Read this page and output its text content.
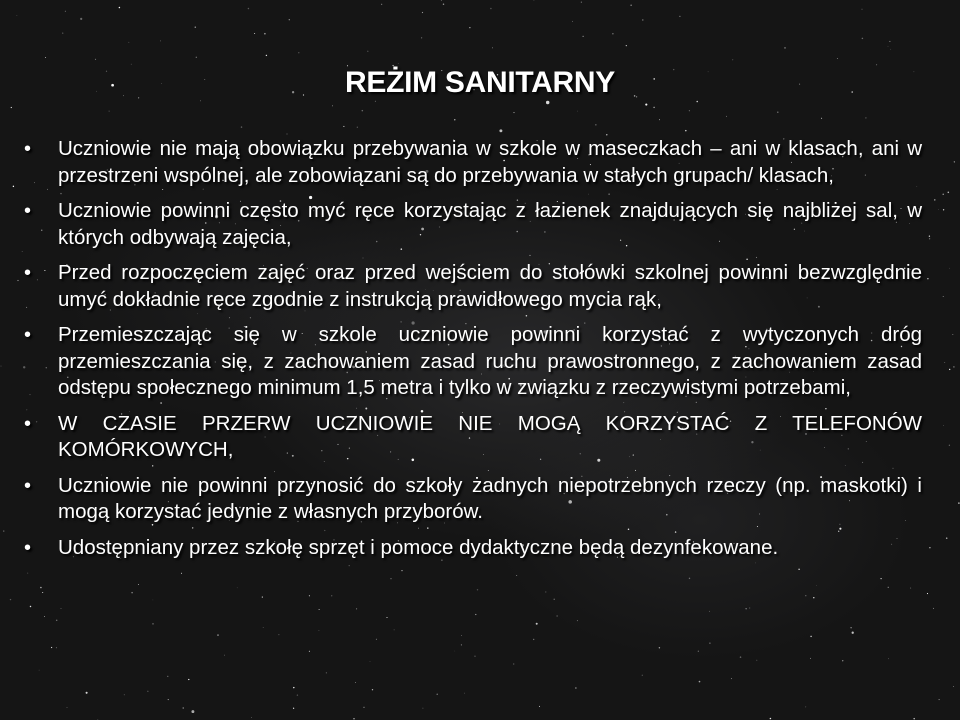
REŻIM SANITARNY
•	Uczniowie nie mają obowiązku przebywania w szkole w maseczkach – ani w klasach, ani w przestrzeni wspólnej, ale zobowiązani są do przebywania w stałych grupach/ klasach,
•	Uczniowie powinni często myć ręce korzystając z łazienek znajdujących się najbliżej sal, w których odbywają zajęcia,
•	Przed rozpoczęciem zajęć oraz przed wejściem do stołówki szkolnej powinni bezwzględnie umyć dokładnie ręce zgodnie z instrukcją prawidłowego mycia rąk,
•	Przemieszczając się w szkole uczniowie powinni korzystać z wytyczonych dróg przemieszczania się, z zachowaniem zasad ruchu prawostronnego, z zachowaniem zasad odstępu społecznego minimum 1,5 metra i tylko w związku z rzeczywistymi potrzebami,
•	W CZASIE PRZERW UCZNIOWIE NIE MOGĄ KORZYSTAĆ Z TELEFONÓW KOMÓRKOWYCH,
•	Uczniowie nie powinni przynosić do szkoły żadnych niepotrzebnych rzeczy (np. maskotki) i mogą korzystać jedynie z własnych przyborów.
•	Udostępniany przez szkołę sprzęt i pomoce dydaktyczne będą dezynfekowane.
